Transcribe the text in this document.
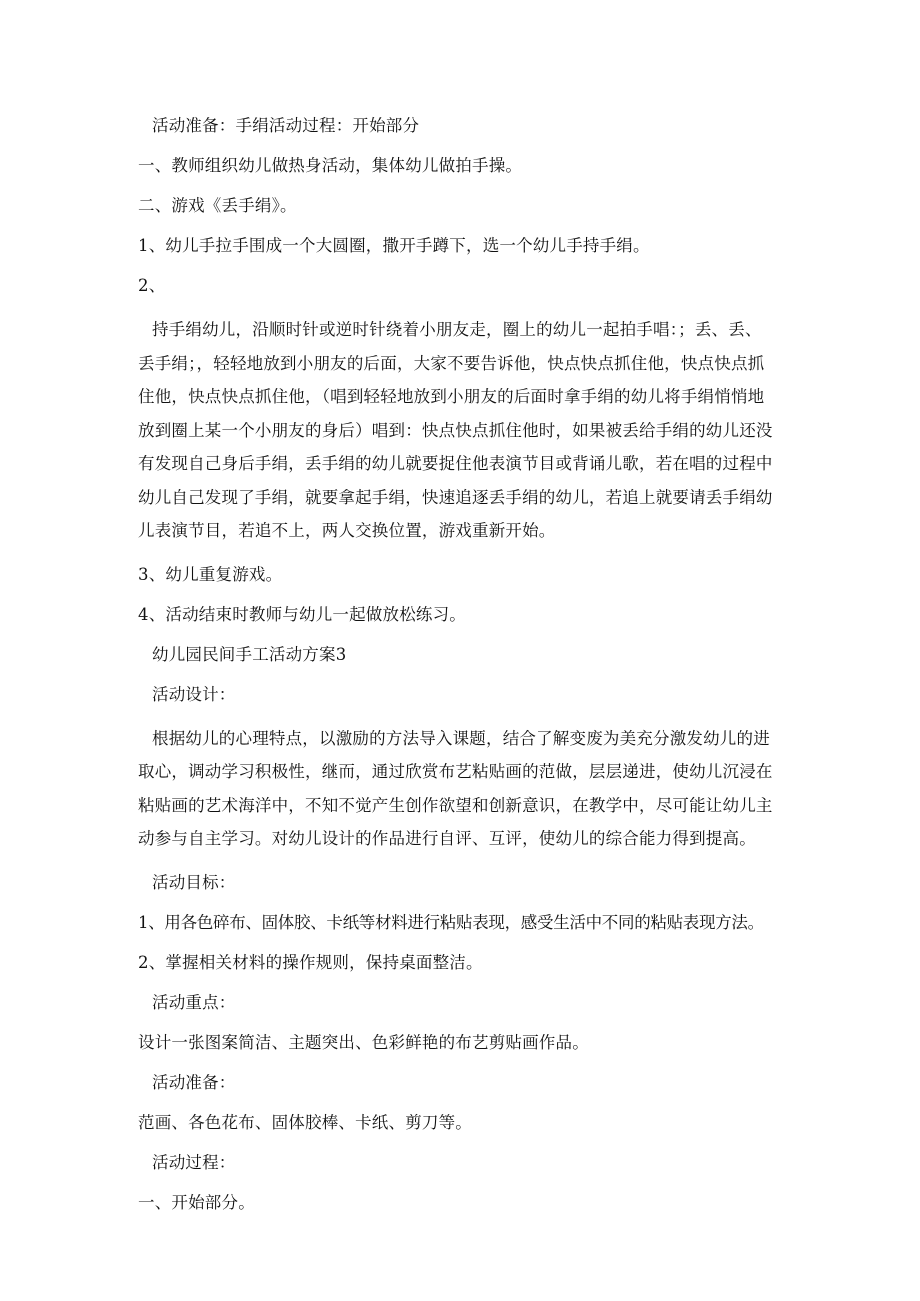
活动准备：手绢活动过程：开始部分

一、教师组织幼儿做热身活动，集体幼儿做拍手操。

二、游戏《丢手绢》。

1、幼儿手拉手围成一个大圆圈，撒开手蹲下，选一个幼儿手持手绢。

2、

持手绢幼儿，沿顺时针或逆时针绕着小朋友走，圈上的幼儿一起拍手唱：；丢、丢、
丢手绢；，轻轻地放到小朋友的后面，大家不要告诉他，快点快点抓住他，快点快点抓
住他，快点快点抓住他，（唱到轻轻地放到小朋友的后面时拿手绢的幼儿将手绢悄悄地
放到圈上某一个小朋友的身后）唱到：快点快点抓住他时，如果被丢给手绢的幼儿还没
有发现自己身后手绢，丢手绢的幼儿就要捉住他表演节目或背诵儿歌，若在唱的过程中
幼儿自己发现了手绢，就要拿起手绢，快速追逐丢手绢的幼儿，若追上就要请丢手绢幼
儿表演节目，若追不上，两人交换位置，游戏重新开始。

3、幼儿重复游戏。

4、活动结束时教师与幼儿一起做放松练习。

幼儿园民间手工活动方案3

活动设计：

根据幼儿的心理特点，以激励的方法导入课题，结合了解变废为美充分激发幼儿的进
取心，调动学习积极性，继而，通过欣赏布艺粘贴画的范做，层层递进，使幼儿沉浸在
粘贴画的艺术海洋中，不知不觉产生创作欲望和创新意识，在教学中，尽可能让幼儿主
动参与自主学习。对幼儿设计的作品进行自评、互评，使幼儿的综合能力得到提高。

活动目标：

1、用各色碎布、固体胶、卡纸等材料进行粘贴表现，感受生活中不同的粘贴表现方法。

2、掌握相关材料的操作规则，保持桌面整洁。

活动重点：

设计一张图案简洁、主题突出、色彩鲜艳的布艺剪贴画作品。

活动准备：

范画、各色花布、固体胶棒、卡纸、剪刀等。

活动过程：

一、开始部分。
